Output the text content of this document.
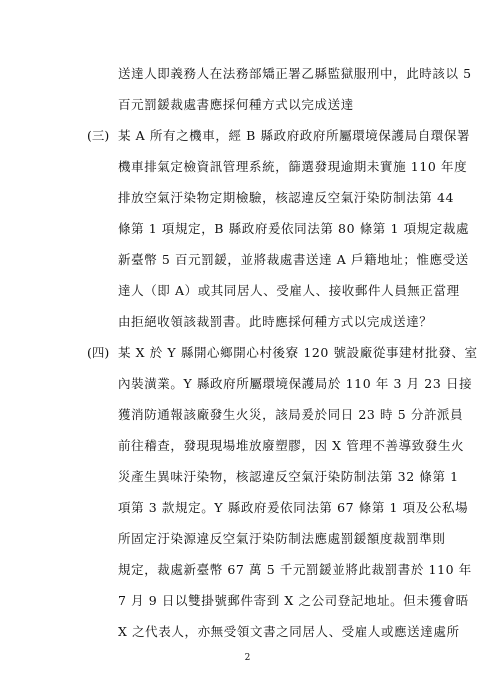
送達人即義務人在法務部矯正署乙縣監獄服刑中，此時該以 5
百元罰鍰裁處書應採何種方式以完成送達
(三) 某 A 所有之機車，經 B 縣政府政府所屬環境保護局自環保署
機車排氣定檢資訊管理系統，篩選發現逾期未實施 110 年度
排放空氣汙染物定期檢驗，核認違反空氣汙染防制法第 44
條第 1 項規定，B 縣政府爰依同法第 80 條第 1 項規定裁處
新臺幣 5 百元罰鍰，並將裁處書送達 A 戶籍地址；惟應受送
達人（即 A）或其同居人、受雇人、接收郵件人員無正當理
由拒絕收領該裁罰書。此時應採何種方式以完成送達？
(四) 某 X 於 Y 縣開心鄉開心村後寮 120 號設廠從事建材批發、室
內裝潢業。Y 縣政府所屬環境保護局於 110 年 3 月 23 日接
獲消防通報該廠發生火災，該局爰於同日 23 時 5 分許派員
前往稽查，發現現場堆放廢塑膠，因 X 管理不善導致發生火
災產生異味汙染物，核認違反空氣汙染防制法第 32 條第 1
項第 3 款規定。Y 縣政府爰依同法第 67 條第 1 項及公私場
所固定汙染源違反空氣汙染防制法應處罰鍰額度裁罰準則
規定，裁處新臺幣 67 萬 5 千元罰鍰並將此裁罰書於 110 年
7 月 9 日以雙掛號郵件寄到 X 之公司登記地址。但未獲會晤
X 之代表人，亦無受領文書之同居人、受雇人或應送達處所
2
